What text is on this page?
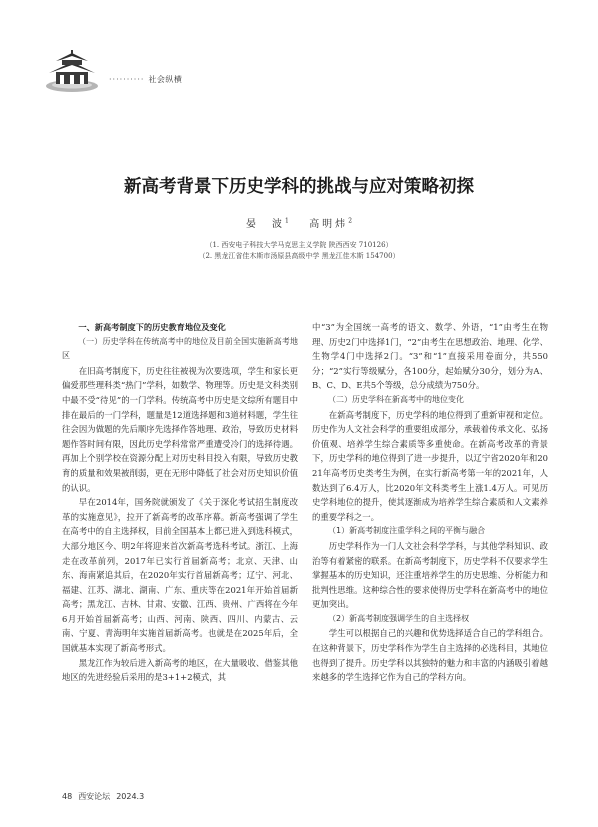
·········· 社会纵横
新高考背景下历史学科的挑战与应对策略初探
晏　波$^1$ 高明炜$^2$
（1. 西安电子科技大学马克思主义学院 陕西西安 710126）
（2. 黑龙江省佳木斯市汤原县高级中学 黑龙江佳木斯 154700）

一、新高考制度下的历史教育地位及变化

（一）历史学科在传统高考中的地位及目前全国实施新高考地区

在旧高考制度下，历史往往被视为次要选项，学生和家长更偏爱那些理科类“热门”学科，如数学、物理等。历史是文科类别中最不受“待见”的一门学科。传统高考中历史是文综所有题目中排在最后的一门学科，题量是12道选择题和3道材料题，学生往往会因为做题的先后顺序先选择作答地理、政治，导致历史材料题作答时间有限，因此历史学科常常严重遭受冷门的选择待遇。再加上个别学校在资源分配上对历史科目投入有限，导致历史教育的质量和效果被削弱，更在无形中降低了社会对历史知识价值的认识。

早在2014年，国务院就颁发了《关于深化考试招生制度改革的实施意见》，拉开了新高考的改革序幕。新高考强调了学生在高考中的自主选择权，目前全国基本上都已进入到选科模式，大部分地区今、明2年将迎来首次新高考选科考试。浙江、上海走在改革前列，2017年已实行首届新高考；北京、天津、山东、海南紧追其后，在2020年实行首届新高考；辽宁、河北、福建、江苏、湖北、湖南、广东、重庆等在2021年开始首届新高考；黑龙江、吉林、甘肃、安徽、江西、贵州、广西将在今年6月开始首届新高考；山西、河南、陕西、四川、内蒙古、云南、宁夏、青海明年实施首届新高考。也就是在2025年后，全国就基本实现了新高考形式。

黑龙江作为较后进入新高考的地区，在大量吸收、借鉴其他地区的先进经验后采用的是3+1+2模式，其

中“3”为全国统一高考的语文、数学、外语，“1”由考生在物理、历史2门中选择1门，“2”由考生在思想政治、地理、化学、生物学4门中选择2门。“3”和“1”直接采用卷面分，共550分；“2”实行等级赋分，各100分，起始赋分30分，划分为A、B、C、D、E共5个等级，总分成绩为750分。

（二）历史学科在新高考中的地位变化

在新高考制度下，历史学科的地位得到了重新审视和定位。历史作为人文社会科学的重要组成部分，承载着传承文化、弘扬价值观、培养学生综合素质等多重使命。在新高考改革的背景下，历史学科的地位得到了进一步提升，以辽宁省2020年和2021年高考历史类考生为例，在实行新高考第一年的2021年，人数达到了6.4万人，比2020年文科类考生上涨1.4万人。可见历史学科地位的提升，使其逐渐成为培养学生综合素质和人文素养的重要学科之一。

（1）新高考制度注重学科之间的平衡与融合

历史学科作为一门人文社会科学学科，与其他学科知识、政治等有着紧密的联系。在新高考制度下，历史学科不仅要求学生掌握基本的历史知识，还注重培养学生的历史思维、分析能力和批判性思维。这种综合性的要求使得历史学科在新高考中的地位更加突出。

（2）新高考制度强调学生的自主选择权

学生可以根据自己的兴趣和优势选择适合自己的学科组合。在这种背景下，历史学科作为学生自主选择的必选科目，其地位也得到了提升。历史学科以其独特的魅力和丰富的内涵吸引着越来越多的学生选择它作为自己的学科方向。

48 西安论坛 2024.3
